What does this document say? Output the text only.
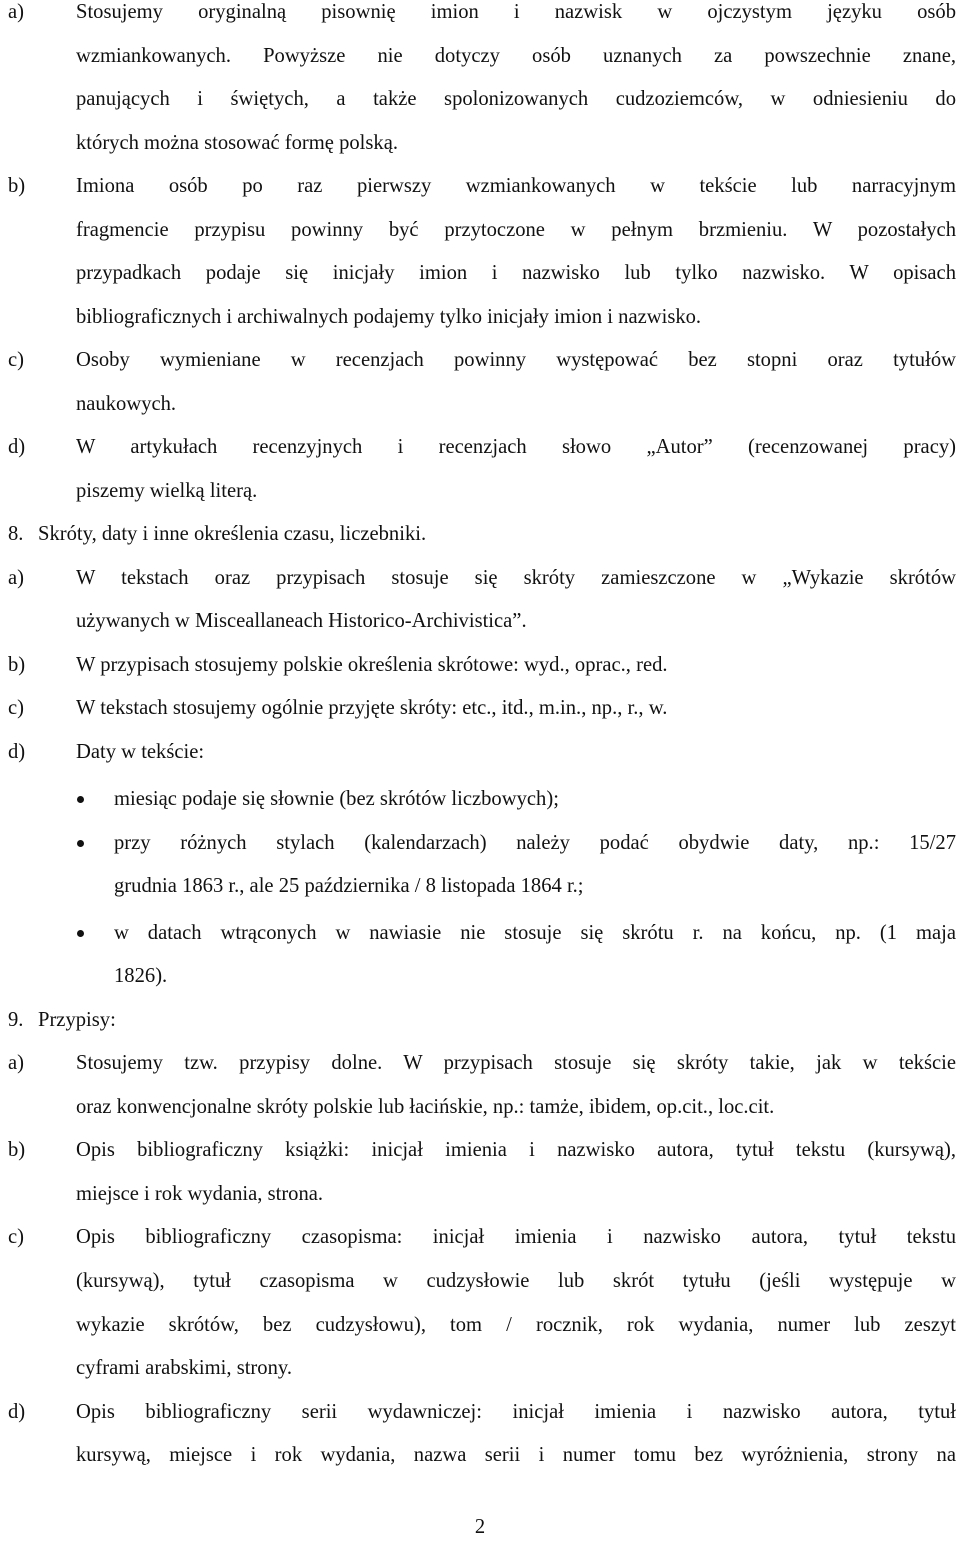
a)	Stosujemy oryginalną pisownię imion i nazwisk w ojczystym języku osób
wzmiankowanych. Powyższe nie dotyczy osób uznanych za powszechnie znane,
panujących i świętych, a także spolonizowanych cudzoziemców, w odniesieniu do
których można stosować formę polską.
b) Imiona osób po raz pierwszy wzmiankowanych w tekście lub narracyjnym
fragmencie przypisu powinny być przytoczone w pełnym brzmieniu. W pozostałych
przypadkach podaje się inicjały imion i nazwisko lub tylko nazwisko. W opisach
bibliograficznych i archiwalnych podajemy tylko inicjały imion i nazwisko.
c)	Osoby wymieniane w recenzjach powinny występować bez stopni oraz tytułów
naukowych.
d) W artykułach recenzyjnych i recenzjach słowo „Autor” (recenzowanej pracy)
piszemy wielką literą.
8. Skróty, daty i inne określenia czasu, liczebniki.
a)	W tekstach oraz przypisach stosuje się skróty zamieszczone w „Wykazie skrótów
używanych w Misceallaneach Historico-Archivistica”.
b) W przypisach stosujemy polskie określenia skrótowe: wyd., oprac., red.
c)	W tekstach stosujemy ogólnie przyjęte skróty: etc., itd., m.in., np., r., w.
d) Daty w tekście:
miesiąc podaje się słownie (bez skrótów liczbowych);
przy różnych stylach (kalendarzach) należy podać obydwie daty, np.: 15/27
grudnia 1863 r., ale 25 października / 8 listopada 1864 r.;
w datach wtrąconych w nawiasie nie stosuje się skrótu r. na końcu, np. (1 maja
1826).
9. Przypisy:
a)	Stosujemy tzw. przypisy dolne. W przypisach stosuje się skróty takie, jak w tekście
oraz konwencjonalne skróty polskie lub łacińskie, np.: tamże, ibidem, op.cit., loc.cit.
b) Opis bibliograficzny książki: inicjał imienia i nazwisko autora, tytuł tekstu (kursywą),
miejsce i rok wydania, strona.
c)	Opis bibliograficzny czasopisma: inicjał imienia i nazwisko autora, tytuł tekstu
(kursywą), tytuł czasopisma w cudzysłowie lub skrót tytułu (jeśli występuje w
wykazie skrótów, bez cudzysłowu), tom / rocznik, rok wydania, numer lub zeszyt
cyframi arabskimi, strony.
d) Opis bibliograficzny serii wydawniczej: inicjał imienia i nazwisko autora, tytuł
kursywą, miejsce i rok wydania, nazwa serii i numer tomu bez wyróżnienia, strony na
2
